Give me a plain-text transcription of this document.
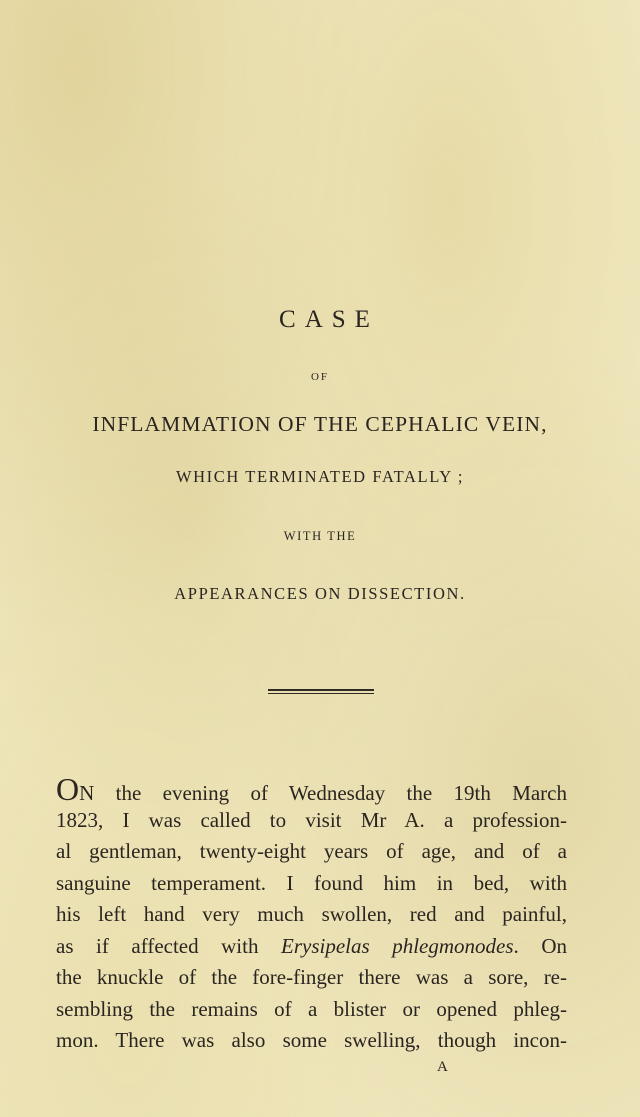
CASE
OF
INFLAMMATION OF THE CEPHALIC VEIN,
WHICH TERMINATED FATALLY ;
WITH THE
APPEARANCES ON DISSECTION.
ON the evening of Wednesday the 19th March
1823, I was called to visit Mr A. a profession-
al gentleman, twenty-eight years of age, and of a
sanguine temperament. I found him in bed, with
his left hand very much swollen, red and painful,
as if affected with Erysipelas phlegmonodes. On
the knuckle of the fore-finger there was a sore, re-
sembling the remains of a blister or opened phleg-
mon. There was also some swelling, though incon-
A
